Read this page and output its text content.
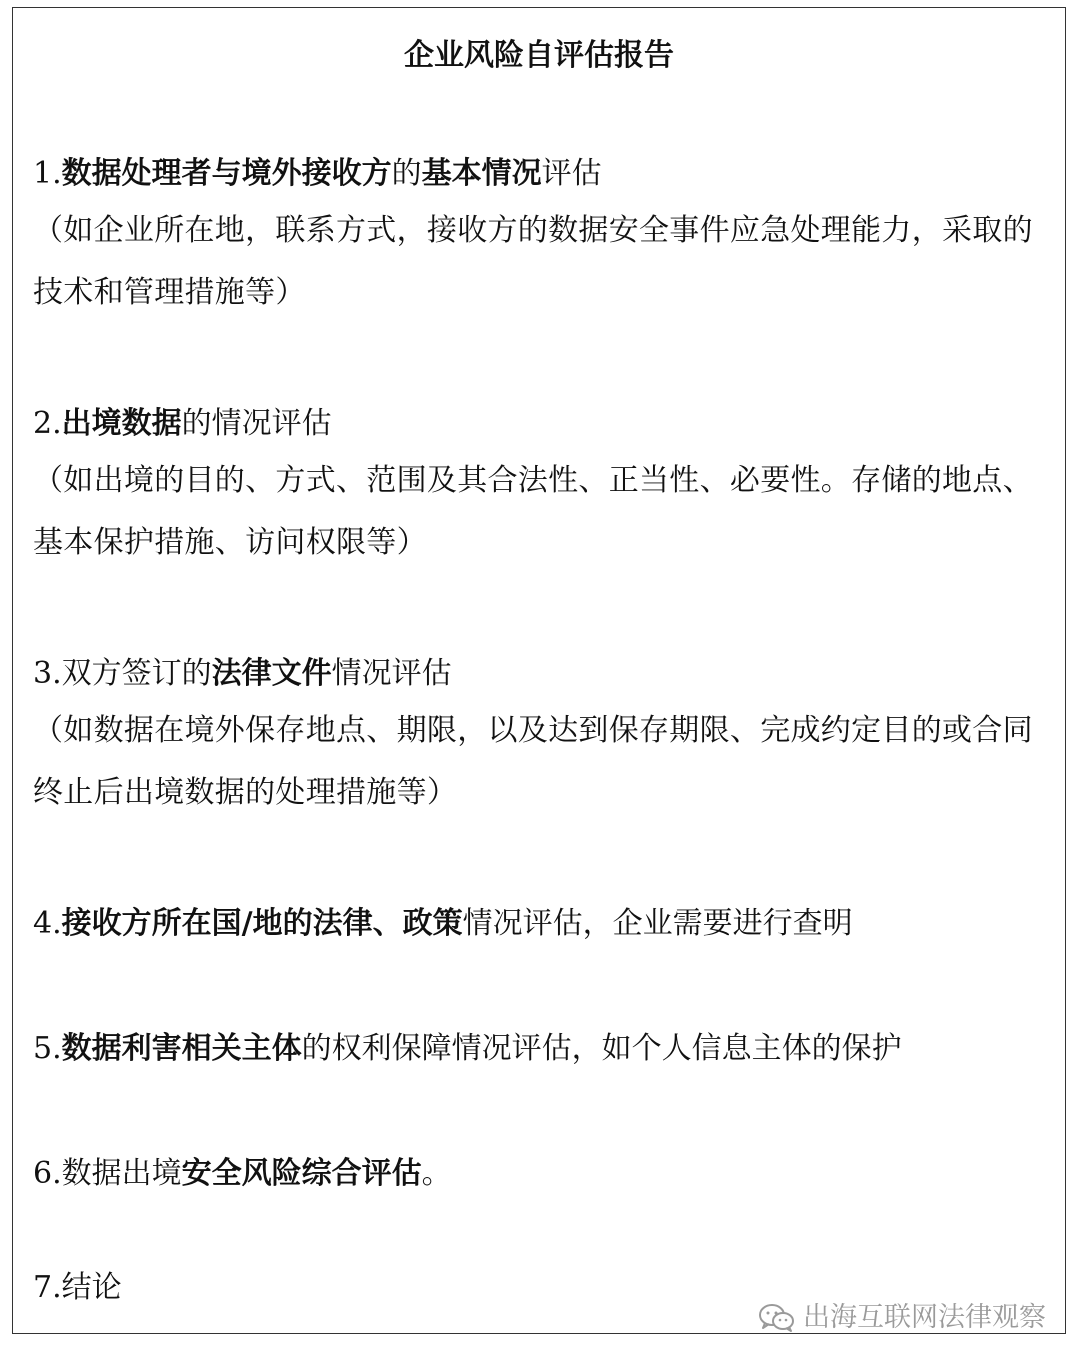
企业风险自评估报告

1.数据处理者与境外接收方的基本情况评估

（如企业所在地，联系方式，接收方的数据安全事件应急处理能力，采取的技术和管理措施等）

2.出境数据的情况评估

（如出境的目的、方式、范围及其合法性、正当性、必要性。存储的地点、基本保护措施、访问权限等）

3.双方签订的法律文件情况评估

（如数据在境外保存地点、期限，以及达到保存期限、完成约定目的或合同终止后出境数据的处理措施等）

4.接收方所在国/地的法律、政策情况评估，企业需要进行查明

5.数据利害相关主体的权利保障情况评估，如个人信息主体的保护

6.数据出境安全风险综合评估。

7.结论

出海互联网法律观察
